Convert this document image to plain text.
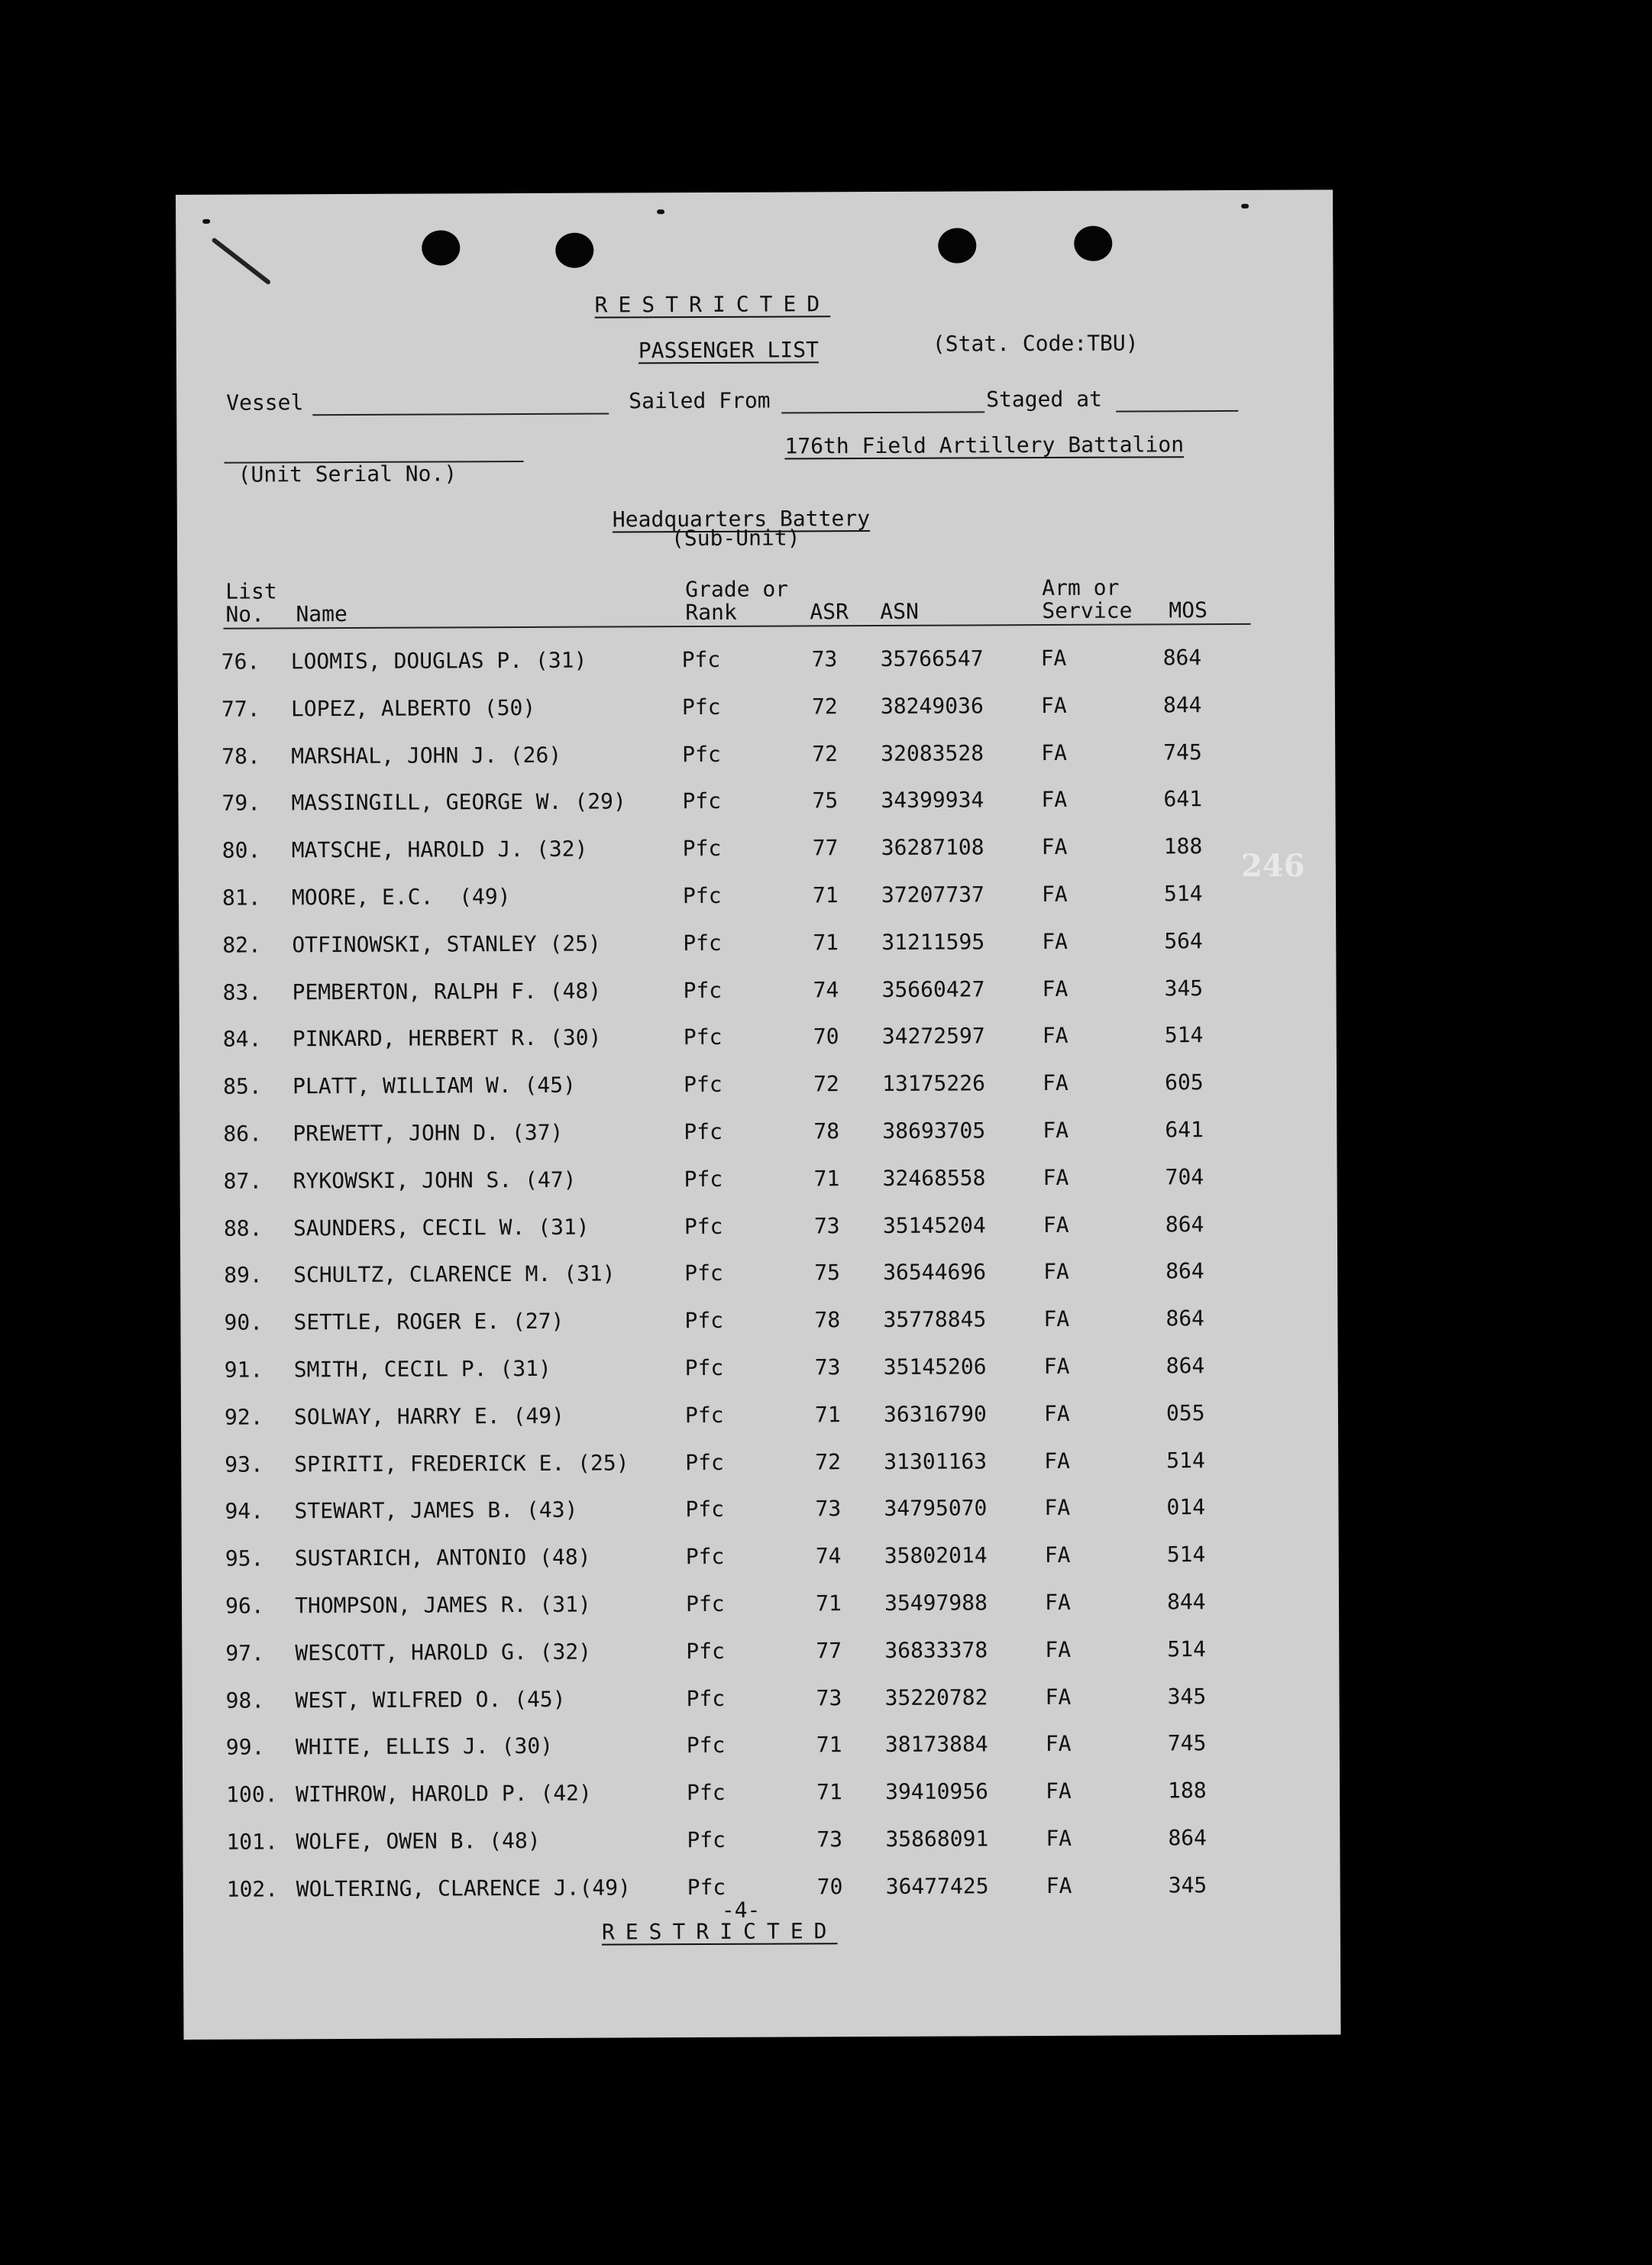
RESTRICTED
PASSENGER LIST	(Stat. Code:TBU)
Vessel	Sailed From	Staged at
176th Field Artillery Battalion
(Unit Serial No.)
Headquarters Battery
(Sub-Unit)
List
No. Name
Grade or
Rank	ASR ASN
Arm or
Service MOS
76. LOOMIS, DOUGLAS P. (31)	Pfc	73 35766547	FA	864
77. LOPEZ, ALBERTO (50)	Pfc	72 38249036	FA	844
78. MARSHAL, JOHN J. (26)	Pfc	72 32083528	FA	745
79. MASSINGILL, GEORGE W. (29)	Pfc	75 34399934	FA	641
80. MATSCHE, HAROLD J. (32)	Pfc	77 36287108	FA	188
81. MOORE, E.C.  (49)	Pfc	71 37207737	FA	514
82. OTFINOWSKI, STANLEY (25)	Pfc	71 31211595	FA	564
83. PEMBERTON, RALPH F. (48)	Pfc	74 35660427	FA	345
84. PINKARD, HERBERT R. (30)	Pfc	70 34272597	FA	514
85. PLATT, WILLIAM W. (45)	Pfc	72 13175226	FA	605
86. PREWETT, JOHN D. (37)	Pfc	78 38693705	FA	641
87. RYKOWSKI, JOHN S. (47)	Pfc	71 32468558	FA	704
88. SAUNDERS, CECIL W. (31)	Pfc	73 35145204	FA	864
89. SCHULTZ, CLARENCE M. (31)	Pfc	75 36544696	FA	864
90. SETTLE, ROGER E. (27)	Pfc	78 35778845	FA	864
91. SMITH, CECIL P. (31)	Pfc	73 35145206	FA	864
92. SOLWAY, HARRY E. (49)	Pfc	71 36316790	FA	055
93. SPIRITI, FREDERICK E. (25)	Pfc	72 31301163	FA	514
94. STEWART, JAMES B. (43)	Pfc	73 34795070	FA	014
95. SUSTARICH, ANTONIO (48)	Pfc	74 35802014	FA	514
96. THOMPSON, JAMES R. (31)	Pfc	71 35497988	FA	844
97. WESCOTT, HAROLD G. (32)	Pfc	77 36833378	FA	514
98. WEST, WILFRED O. (45)	Pfc	73 35220782	FA	345
99. WHITE, ELLIS J. (30)	Pfc	71 38173884	FA	745
100. WITHROW, HAROLD P. (42)	Pfc	71 39410956	FA	188
101. WOLFE, OWEN B. (48)	Pfc	73 35868091	FA	864
102. WOLTERING, CLARENCE J.(49)	Pfc	70 36477425	FA	345
-4-
RESTRICTED
246
